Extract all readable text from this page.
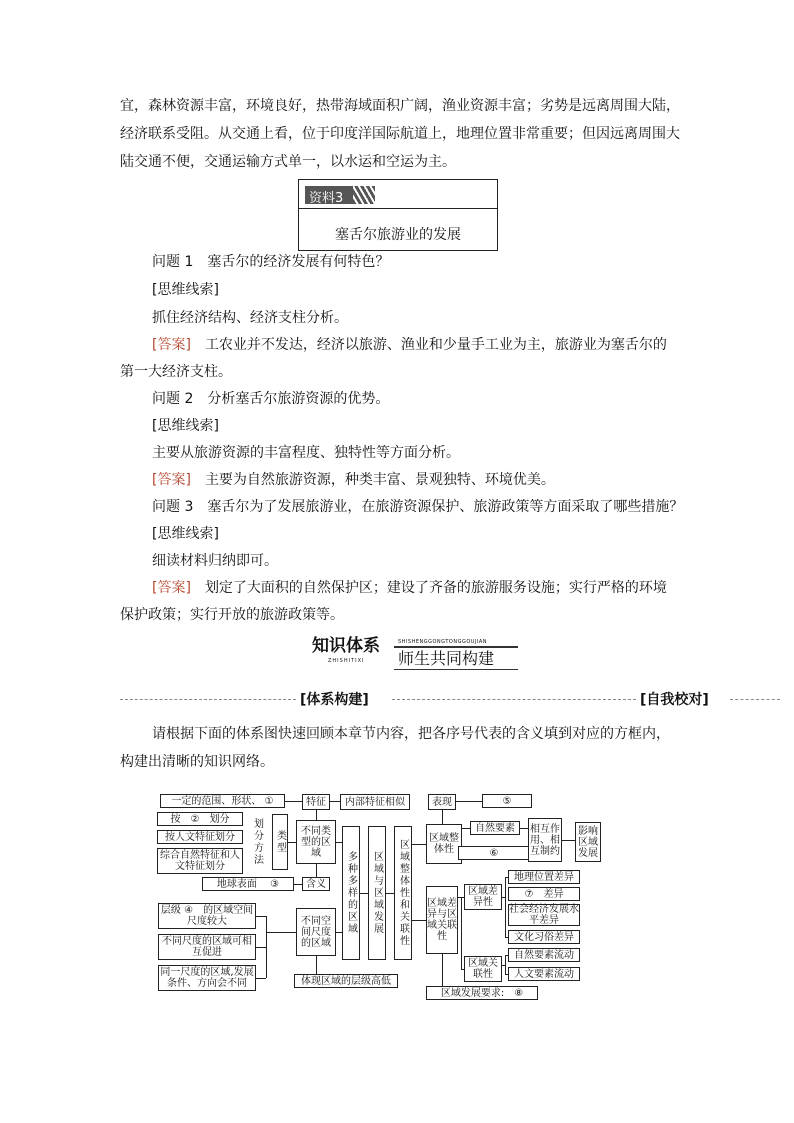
宜，森林资源丰富，环境良好，热带海域面积广阔，渔业资源丰富；劣势是远离周围大陆，
经济联系受阻。从交通上看，位于印度洋国际航道上，地理位置非常重要；但因远离周围大
陆交通不便，交通运输方式单一，以水运和空运为主。
资料3
塞舌尔旅游业的发展
问题 1　塞舌尔的经济发展有何特色？
[思维线索]
抓住经济结构、经济支柱分析。
[答案]　 工农业并不发达，经济以旅游、渔业和少量手工业为主，旅游业为塞舌尔的
第一大经济支柱。
问题 2　分析塞舌尔旅游资源的优势。
[思维线索]
主要从旅游资源的丰富程度、独特性等方面分析。
[答案]　 主要为自然旅游资源，种类丰富、景观独特、环境优美。
问题 3　塞舌尔为了发展旅游业，在旅游资源保护、旅游政策等方面采取了哪些措施？
[思维线索]
细读材料归纳即可。
[答案]　 划定了大面积的自然保护区；建设了齐备的旅游服务设施；实行严格的环境
保护政策；实行开放的旅游政策等。
知识体系
ZHISHITIXI
SHISHENGGONGTONGGOUJIAN
师生共同构建
[体系构建]	[自我校对]
请根据下面的体系图快速回顾本章节内容，把各序号代表的含义填到对应的方框内，
构建出清晰的知识网络。
一定的范围、形状、 ①
按　②　划分
按人文特征划分
综合自然特征和人文特征划分
地球表面　 ③
划分方法	类型
特征	内部特征相似
不同类型的区域
含义	多种多样的区域	区域与区域发展	区域整体性和关联性
层级 ④　的区域空间尺度较大
不同尺度的区域可相互促进
同一尺度的区域,发展条件、方向会不同
不同空间尺度的区域
体现区域的层级高低
表现	⑤
区域整体性
自然要素
⑥
相互作用、相互制约
影响区域发展
区域差异与区域关联性
区域差异性
地理位置差异
⑦　差异
社会经济发展水平差异
文化习俗差异
区域关联性
自然要素流动
人文要素流动
区域发展要求:　⑧
